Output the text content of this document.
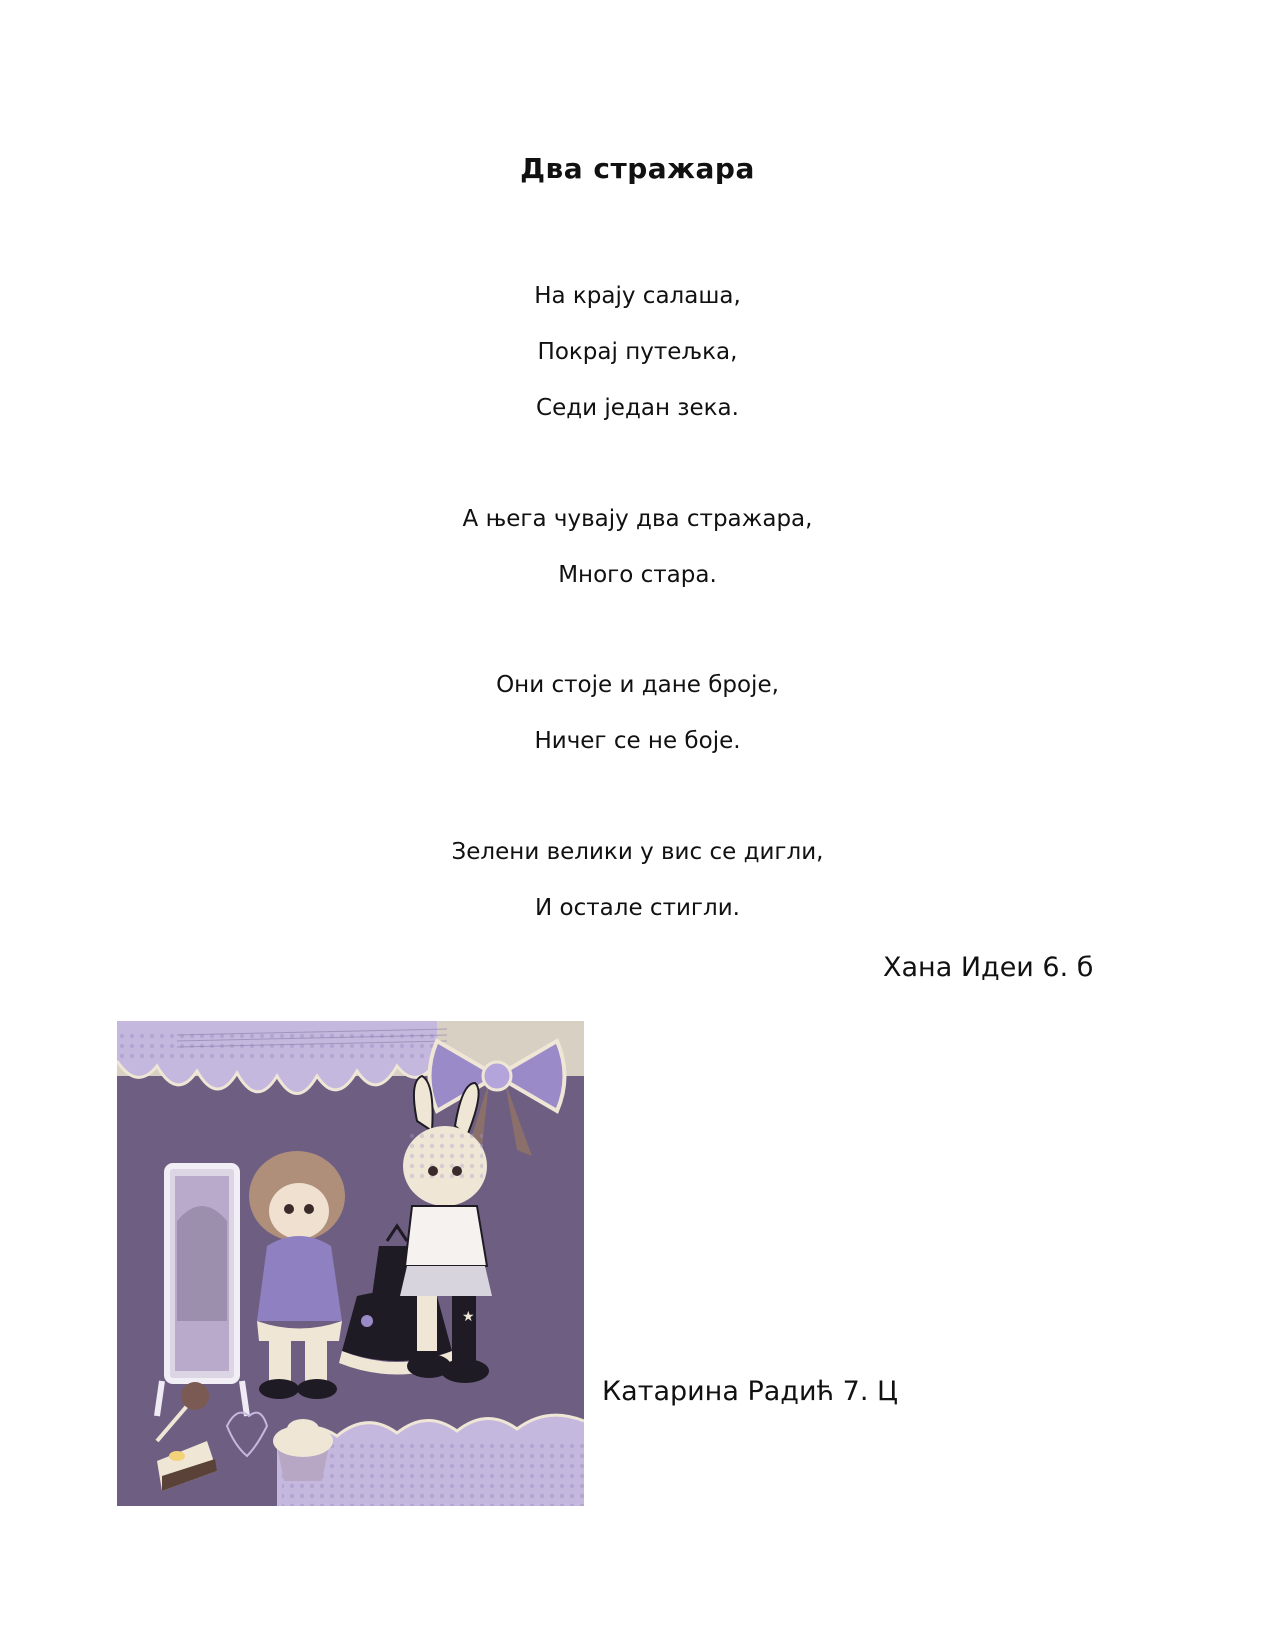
Два стражара
На крају салаша,
Покрај путељка,
Седи један зека.
А њега чувају два стражара,
Много стара.
Они стоје и дане броје,
Ничег се не боје.
Зелени велики у вис се дигли,
И остале стигли.
Хана Идеи 6. б
★
Катарина Радић 7. Ц
